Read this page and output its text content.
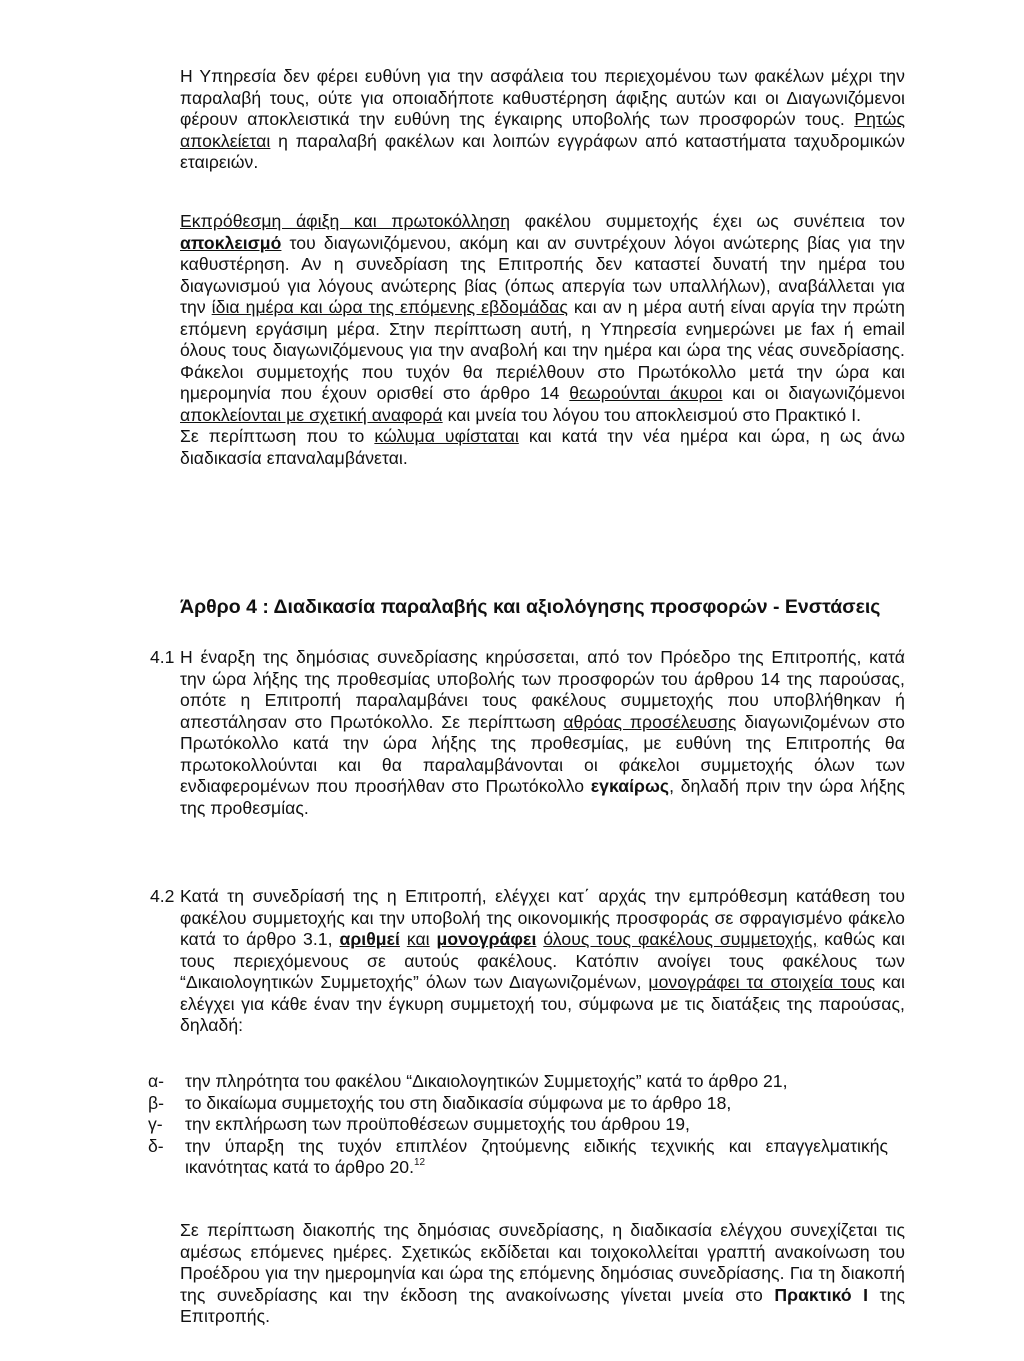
Η Υπηρεσία δεν φέρει ευθύνη για την ασφάλεια του περιεχομένου των φακέλων μέχρι την παραλαβή τους, ούτε για οποιαδήποτε καθυστέρηση άφιξης αυτών και οι Διαγωνιζόμενοι φέρουν αποκλειστικά την ευθύνη της έγκαιρης υποβολής των προσφορών τους. Ρητώς αποκλείεται η παραλαβή φακέλων και λοιπών εγγράφων από καταστήματα ταχυδρομικών εταιρειών.

Εκπρόθεσμη άφιξη και πρωτοκόλληση φακέλου συμμετοχής έχει ως συνέπεια τον αποκλεισμό του διαγωνιζόμενου, ακόμη και αν συντρέχουν λόγοι ανώτερης βίας για την καθυστέρηση. Αν η συνεδρίαση της Επιτροπής δεν καταστεί δυνατή την ημέρα του διαγωνισμού για λόγους ανώτερης βίας (όπως απεργία των υπαλλήλων), αναβάλλεται για την ίδια ημέρα και ώρα της επόμενης εβδομάδας και αν η μέρα αυτή είναι αργία την πρώτη επόμενη εργάσιμη μέρα. Στην περίπτωση αυτή, η Υπηρεσία ενημερώνει με fax ή email όλους τους διαγωνιζόμενους για την αναβολή και την ημέρα και ώρα της νέας συνεδρίασης. Φάκελοι συμμετοχής που τυχόν θα περιέλθουν στο Πρωτόκολλο μετά την ώρα και ημερομηνία που έχουν ορισθεί στο άρθρο 14 θεωρούνται άκυροι και οι διαγωνιζόμενοι αποκλείονται με σχετική αναφορά και μνεία του λόγου του αποκλεισμού στο Πρακτικό Ι.

Σε περίπτωση που το κώλυμα υφίσταται και κατά την νέα ημέρα και ώρα, η ως άνω διαδικασία επαναλαμβάνεται.

Άρθρο 4 : Διαδικασία παραλαβής και αξιολόγησης προσφορών - Ενστάσεις
4.1 Η έναρξη της δημόσιας συνεδρίασης κηρύσσεται, από τον Πρόεδρο της Επιτροπής, κατά την ώρα λήξης της προθεσμίας υποβολής των προσφορών του άρθρου 14 της παρούσας, οπότε η Επιτροπή παραλαμβάνει τους φακέλους συμμετοχής που υποβλήθηκαν ή απεστάλησαν στο Πρωτόκολλο. Σε περίπτωση αθρόας προσέλευσης διαγωνιζομένων στο Πρωτόκολλο κατά την ώρα λήξης της προθεσμίας, με ευθύνη της Επιτροπής θα πρωτοκολλούνται και θα παραλαμβάνονται οι φάκελοι συμμετοχής όλων των ενδιαφερομένων που προσήλθαν στο Πρωτόκολλο εγκαίρως, δηλαδή πριν την ώρα λήξης της προθεσμίας.

4.2 Κατά τη συνεδρίασή της η Επιτροπή, ελέγχει κατ΄ αρχάς την εμπρόθεσμη κατάθεση του φακέλου συμμετοχής και την υποβολή της οικονομικής προσφοράς σε σφραγισμένο φάκελο κατά το άρθρο 3.1, αριθμεί και μονογράφει όλους τους φακέλους συμμετοχής, καθώς και τους περιεχόμενους σε αυτούς φακέλους. Κατόπιν ανοίγει τους φακέλους των “Δικαιολογητικών Συμμετοχής” όλων των Διαγωνιζομένων, μονογράφει τα στοιχεία τους και ελέγχει για κάθε έναν την έγκυρη συμμετοχή του, σύμφωνα με τις διατάξεις της παρούσας, δηλαδή:

α-	την πληρότητα του φακέλου “Δικαιολογητικών Συμμετοχής” κατά το άρθρο 21,
β-	το δικαίωμα συμμετοχής του στη διαδικασία σύμφωνα με το άρθρο 18,
γ-	την εκπλήρωση των προϋποθέσεων συμμετοχής του άρθρου 19,
δ-	την ύπαρξη της τυχόν επιπλέον ζητούμενης ειδικής τεχνικής και επαγγελματικής ικανότητας κατά το άρθρο 20.12

Σε περίπτωση διακοπής της δημόσιας συνεδρίασης, η διαδικασία ελέγχου συνεχίζεται τις αμέσως επόμενες ημέρες. Σχετικώς εκδίδεται και τοιχοκολλείται γραπτή ανακοίνωση του Προέδρου για την ημερομηνία και ώρα της επόμενης δημόσιας συνεδρίασης. Για τη διακοπή της συνεδρίασης και την έκδοση της ανακοίνωσης γίνεται μνεία στο Πρακτικό Ι της Επιτροπής.
